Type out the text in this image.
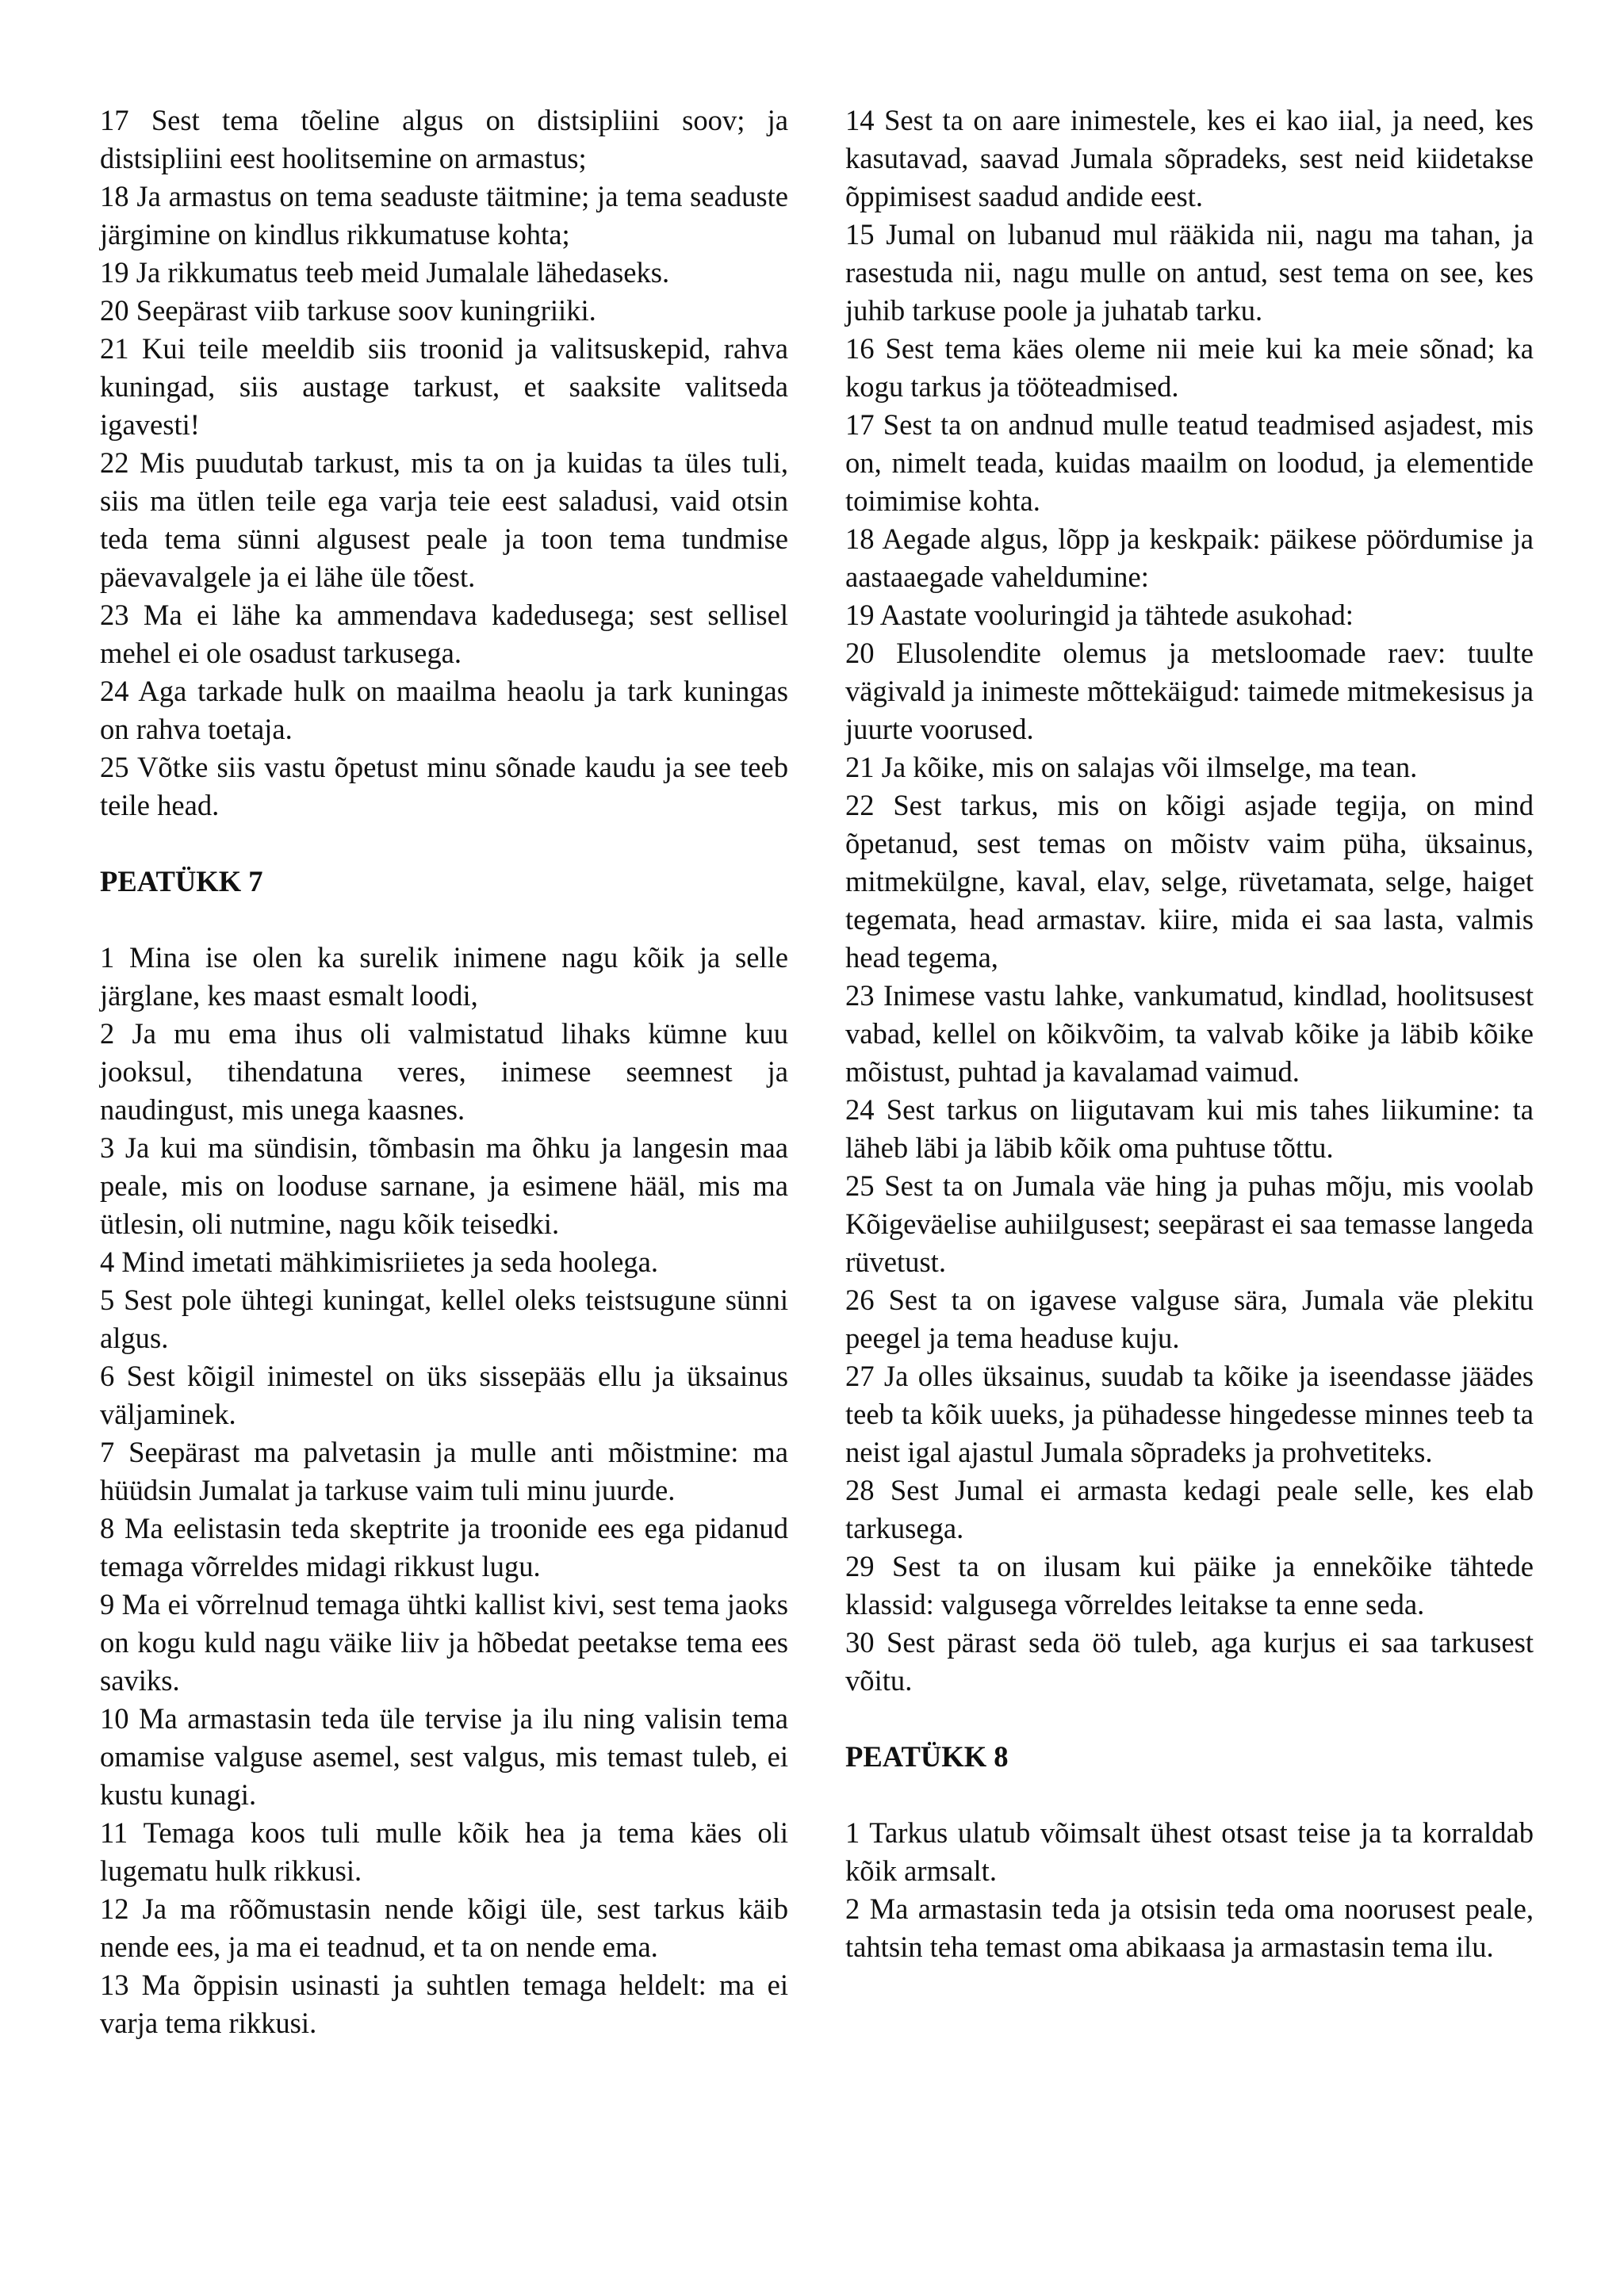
17 Sest tema tõeline algus on distsipliini soov; ja distsipliini eest hoolitsemine on armastus;

18 Ja armastus on tema seaduste täitmine; ja tema seaduste järgimine on kindlus rikkumatuse kohta;

19 Ja rikkumatus teeb meid Jumalale lähedaseks.

20 Seepärast viib tarkuse soov kuningriiki.

21 Kui teile meeldib siis troonid ja valitsuskepid, rahva kuningad, siis austage tarkust, et saaksite valitseda igavesti!

22 Mis puudutab tarkust, mis ta on ja kuidas ta üles tuli, siis ma ütlen teile ega varja teie eest saladusi, vaid otsin teda tema sünni algusest peale ja toon tema tundmise päevavalgele ja ei lähe üle tõest.

23 Ma ei lähe ka ammendava kadedusega; sest sellisel mehel ei ole osadust tarkusega.

24 Aga tarkade hulk on maailma heaolu ja tark kuningas on rahva toetaja.

25 Võtke siis vastu õpetust minu sõnade kaudu ja see teeb teile head.

PEATÜKK 7

1 Mina ise olen ka surelik inimene nagu kõik ja selle järglane, kes maast esmalt loodi,

2 Ja mu ema ihus oli valmistatud lihaks kümne kuu jooksul, tihendatuna veres, inimese seemnest ja naudingust, mis unega kaasnes.

3 Ja kui ma sündisin, tõmbasin ma õhku ja langesin maa peale, mis on looduse sarnane, ja esimene hääl, mis ma ütlesin, oli nutmine, nagu kõik teisedki.

4 Mind imetati mähkimisriietes ja seda hoolega.

5 Sest pole ühtegi kuningat, kellel oleks teistsugune sünni algus.

6 Sest kõigil inimestel on üks sissepääs ellu ja üksainus väljaminek.

7 Seepärast ma palvetasin ja mulle anti mõistmine: ma hüüdsin Jumalat ja tarkuse vaim tuli minu juurde.

8 Ma eelistasin teda skeptrite ja troonide ees ega pidanud temaga võrreldes midagi rikkust lugu.

9 Ma ei võrrelnud temaga ühtki kallist kivi, sest tema jaoks on kogu kuld nagu väike liiv ja hõbedat peetakse tema ees saviks.

10 Ma armastasin teda üle tervise ja ilu ning valisin tema omamise valguse asemel, sest valgus, mis temast tuleb, ei kustu kunagi.

11 Temaga koos tuli mulle kõik hea ja tema käes oli lugematu hulk rikkusi.

12 Ja ma rõõmustasin nende kõigi üle, sest tarkus käib nende ees, ja ma ei teadnud, et ta on nende ema.

13 Ma õppisin usinasti ja suhtlen temaga heldelt: ma ei varja tema rikkusi.

14 Sest ta on aare inimestele, kes ei kao iial, ja need, kes kasutavad, saavad Jumala sõpradeks, sest neid kiidetakse õppimisest saadud andide eest.

15 Jumal on lubanud mul rääkida nii, nagu ma tahan, ja rasestuda nii, nagu mulle on antud, sest tema on see, kes juhib tarkuse poole ja juhatab tarku.

16 Sest tema käes oleme nii meie kui ka meie sõnad; ka kogu tarkus ja tööteadmised.

17 Sest ta on andnud mulle teatud teadmised asjadest, mis on, nimelt teada, kuidas maailm on loodud, ja elementide toimimise kohta.

18 Aegade algus, lõpp ja keskpaik: päikese pöördumise ja aastaaegade vaheldumine:

19 Aastate vooluringid ja tähtede asukohad:

20 Elusolendite olemus ja metsloomade raev: tuulte vägivald ja inimeste mõttekäigud: taimede mitmekesisus ja juurte voorused.

21 Ja kõike, mis on salajas või ilmselge, ma tean.

22 Sest tarkus, mis on kõigi asjade tegija, on mind õpetanud, sest temas on mõistv vaim püha, üksainus, mitmekülgne, kaval, elav, selge, rüvetamata, selge, haiget tegemata, head armastav. kiire, mida ei saa lasta, valmis head tegema,

23 Inimese vastu lahke, vankumatud, kindlad, hoolitsusest vabad, kellel on kõikvõim, ta valvab kõike ja läbib kõike mõistust, puhtad ja kavalamad vaimud.

24 Sest tarkus on liigutavam kui mis tahes liikumine: ta läheb läbi ja läbib kõik oma puhtuse tõttu.

25 Sest ta on Jumala väe hing ja puhas mõju, mis voolab Kõigeväelise auhiilgusest; seepärast ei saa temasse langeda rüvetust.

26 Sest ta on igavese valguse sära, Jumala väe plekitu peegel ja tema headuse kuju.

27 Ja olles üksainus, suudab ta kõike ja iseendasse jäädes teeb ta kõik uueks, ja pühadesse hingedesse minnes teeb ta neist igal ajastul Jumala sõpradeks ja prohvetiteks.

28 Sest Jumal ei armasta kedagi peale selle, kes elab tarkusega.

29 Sest ta on ilusam kui päike ja ennekõike tähtede klassid: valgusega võrreldes leitakse ta enne seda.

30 Sest pärast seda öö tuleb, aga kurjus ei saa tarkusest võitu.

PEATÜKK 8

1 Tarkus ulatub võimsalt ühest otsast teise ja ta korraldab kõik armsalt.

2 Ma armastasin teda ja otsisin teda oma noorusest peale, tahtsin teha temast oma abikaasa ja armastasin tema ilu.
